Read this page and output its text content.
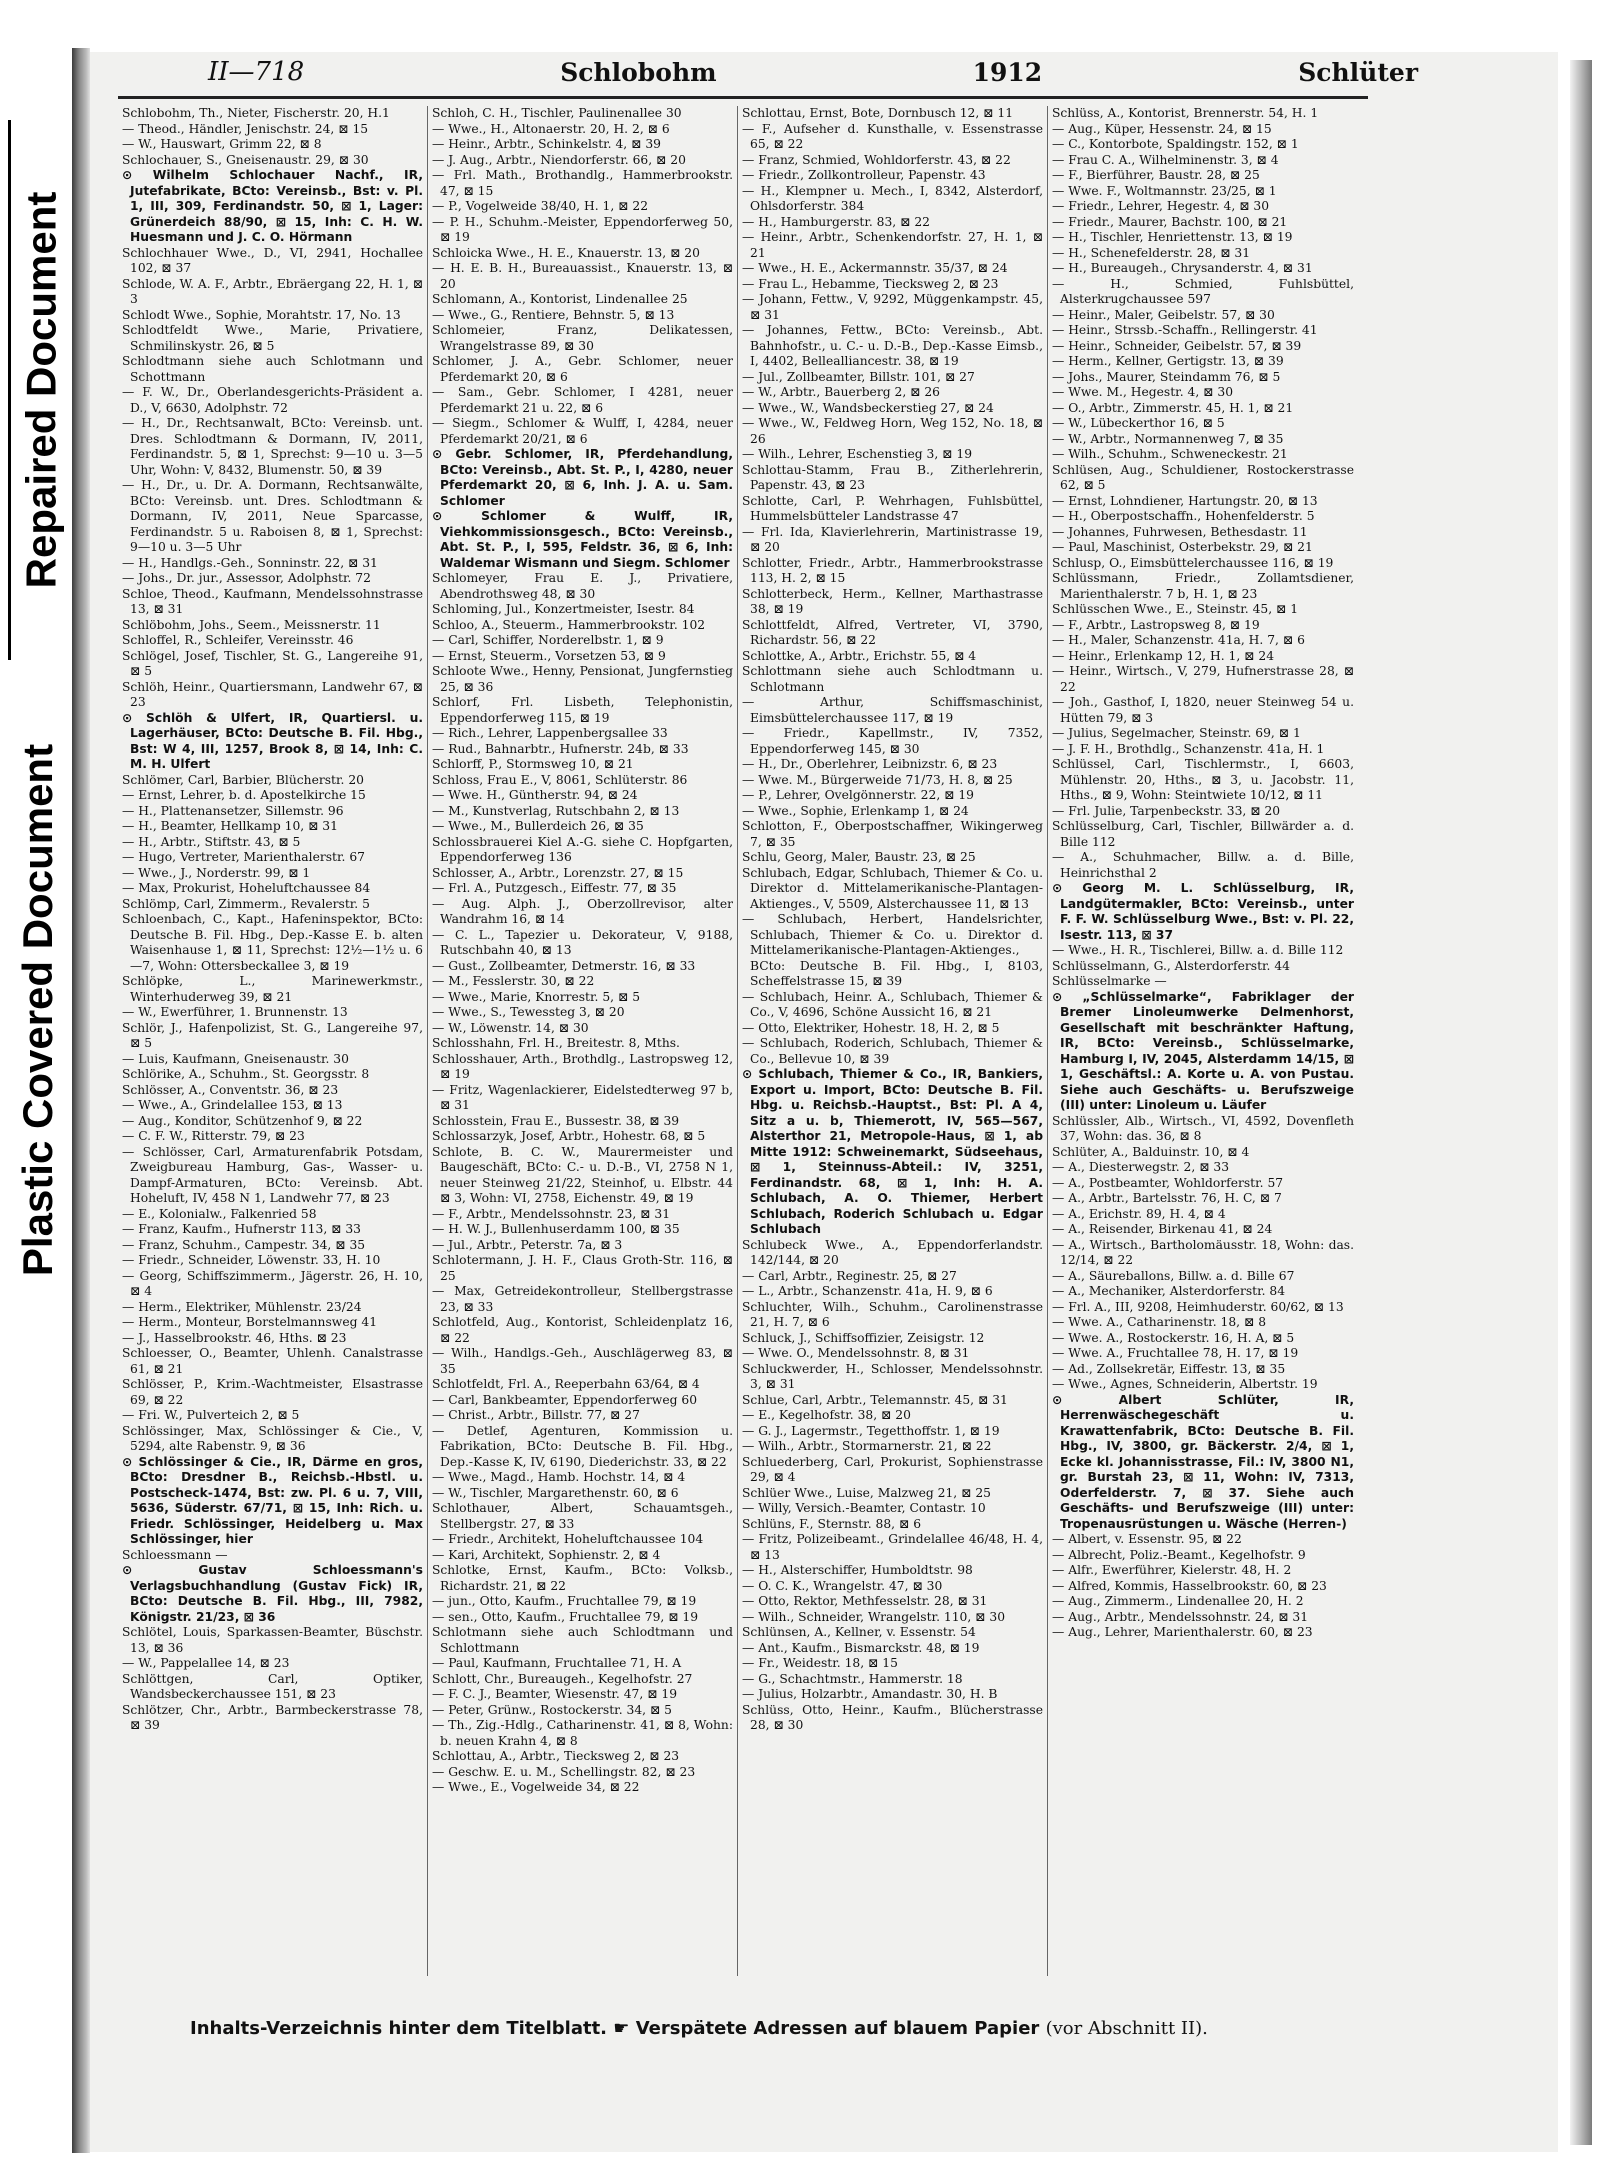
Repaired Document
Plastic Covered Document
II—718	Schlobohm	1912	Schlüter

Schlobohm, Th., Nieter, Fischerstr. 20, H.1

— Theod., Händler, Jenischstr. 24, ⊠ 15

— W., Hauswart, Grimm 22, ⊠ 8

Schlochauer, S., Gneisenaustr. 29, ⊠ 30

⊙ Wilhelm Schlochauer Nachf., IR, Jutefabrikate, BCto: Vereinsb., Bst: v. Pl. 1, III, 309, Ferdinandstr. 50, ⊠ 1, Lager: Grünerdeich 88/90, ⊠ 15, Inh: C. H. W. Huesmann und J. C. O. Hörmann

Schlochhauer Wwe., D., VI, 2941, Hochallee 102, ⊠ 37

Schlode, W. A. F., Arbtr., Ebräergang 22, H. 1, ⊠ 3

Schlodt Wwe., Sophie, Morahtstr. 17, No. 13

Schlodtfeldt Wwe., Marie, Privatiere, Schmilinskystr. 26, ⊠ 5

Schlodtmann siehe auch Schlotmann und Schottmann

— F. W., Dr., Oberlandesgerichts-Präsident a. D., V, 6630, Adolphstr. 72

— H., Dr., Rechtsanwalt, BCto: Vereinsb. unt. Dres. Schlodtmann & Dormann, IV, 2011, Ferdinandstr. 5, ⊠ 1, Sprechst: 9—10 u. 3—5 Uhr, Wohn: V, 8432, Blumenstr. 50, ⊠ 39

— H., Dr., u. Dr. A. Dormann, Rechtsanwälte, BCto: Vereinsb. unt. Dres. Schlodtmann & Dormann, IV, 2011, Neue Sparcasse, Ferdinandstr. 5 u. Raboisen 8, ⊠ 1, Sprechst: 9—10 u. 3—5 Uhr

— H., Handlgs.-Geh., Sonninstr. 22, ⊠ 31

— Johs., Dr. jur., Assessor, Adolphstr. 72

Schloe, Theod., Kaufmann, Mendelssohnstrasse 13, ⊠ 31

Schlöbohm, Johs., Seem., Meissnerstr. 11

Schloffel, R., Schleifer, Vereinsstr. 46

Schlögel, Josef, Tischler, St. G., Langereihe 91, ⊠ 5

Schlöh, Heinr., Quartiersmann, Landwehr 67, ⊠ 23

⊙ Schlöh & Ulfert, IR, Quartiersl. u. Lagerhäuser, BCto: Deutsche B. Fil. Hbg., Bst: W 4, III, 1257, Brook 8, ⊠ 14, Inh: C. M. H. Ulfert

Schlömer, Carl, Barbier, Blücherstr. 20

— Ernst, Lehrer, b. d. Apostelkirche 15

— H., Plattenansetzer, Sillemstr. 96

— H., Beamter, Hellkamp 10, ⊠ 31

— H., Arbtr., Stiftstr. 43, ⊠ 5

— Hugo, Vertreter, Marienthalerstr. 67

— Wwe., J., Norderstr. 99, ⊠ 1

— Max, Prokurist, Hoheluftchaussee 84

Schlömp, Carl, Zimmerm., Revalerstr. 5

Schloenbach, C., Kapt., Hafeninspektor, BCto: Deutsche B. Fil. Hbg., Dep.-Kasse E. b. alten Waisenhause 1, ⊠ 11, Sprechst: 12½—1½ u. 6—7, Wohn: Ottersbeckallee 3, ⊠ 19

Schlöpke, L., Marinewerkmstr., Winterhuderweg 39, ⊠ 21

— W., Ewerführer, 1. Brunnenstr. 13

Schlör, J., Hafenpolizist, St. G., Langereihe 97, ⊠ 5

— Luis, Kaufmann, Gneisenaustr. 30

Schlörike, A., Schuhm., St. Georgsstr. 8

Schlösser, A., Conventstr. 36, ⊠ 23

— Wwe., A., Grindelallee 153, ⊠ 13

— Aug., Konditor, Schützenhof 9, ⊠ 22

— C. F. W., Ritterstr. 79, ⊠ 23

— Schlösser, Carl, Armaturenfabrik Potsdam, Zweigbureau Hamburg, Gas-, Wasser- u. Dampf-Armaturen, BCto: Vereinsb. Abt. Hoheluft, IV, 458 N 1, Landwehr 77, ⊠ 23

— E., Kolonialw., Falkenried 58

— Franz, Kaufm., Hufnerstr 113, ⊠ 33

— Franz, Schuhm., Campestr. 34, ⊠ 35

— Friedr., Schneider, Löwenstr. 33, H. 10

— Georg, Schiffszimmerm., Jägerstr. 26, H. 10, ⊠ 4

— Herm., Elektriker, Mühlenstr. 23/24

— Herm., Monteur, Borstelmannsweg 41

— J., Hasselbrookstr. 46, Hths. ⊠ 23

Schloesser, O., Beamter, Uhlenh. Canalstrasse 61, ⊠ 21

Schlösser, P., Krim.-Wachtmeister, Elsastrasse 69, ⊠ 22

— Fri. W., Pulverteich 2, ⊠ 5

Schlössinger, Max, Schlössinger & Cie., V, 5294, alte Rabenstr. 9, ⊠ 36

⊙ Schlössinger & Cie., IR, Därme en gros, BCto: Dresdner B., Reichsb.-Hbstl. u. Postscheck-1474, Bst: zw. Pl. 6 u. 7, VIII, 5636, Süderstr. 67/71, ⊠ 15, Inh: Rich. u. Friedr. Schlössinger, Heidelberg u. Max Schlössinger, hier

Schloessmann —

⊙ Gustav Schloessmann's Verlagsbuchhandlung (Gustav Fick) IR, BCto: Deutsche B. Fil. Hbg., III, 7982, Königstr. 21/23, ⊠ 36

Schlötel, Louis, Sparkassen-Beamter, Büschstr. 13, ⊠ 36

— W., Pappelallee 14, ⊠ 23

Schlöttgen, Carl, Optiker, Wandsbeckerchaussee 151, ⊠ 23

Schlötzer, Chr., Arbtr., Barmbeckerstrasse 78, ⊠ 39

Schloh, C. H., Tischler, Paulinenallee 30

— Wwe., H., Altonaerstr. 20, H. 2, ⊠ 6

— Heinr., Arbtr., Schinkelstr. 4, ⊠ 39

— J. Aug., Arbtr., Niendorferstr. 66, ⊠ 20

— Frl. Math., Brothandlg., Hammerbrookstr. 47, ⊠ 15

— P., Vogelweide 38/40, H. 1, ⊠ 22

— P. H., Schuhm.-Meister, Eppendorferweg 50, ⊠ 19

Schloicka Wwe., H. E., Knauerstr. 13, ⊠ 20

— H. E. B. H., Bureauassist., Knauerstr. 13, ⊠ 20

Schlomann, A., Kontorist, Lindenallee 25

— Wwe., G., Rentiere, Behnstr. 5, ⊠ 13

Schlomeier, Franz, Delikatessen, Wrangelstrasse 89, ⊠ 30

Schlomer, J. A., Gebr. Schlomer, neuer Pferdemarkt 20, ⊠ 6

— Sam., Gebr. Schlomer, I 4281, neuer Pferdemarkt 21 u. 22, ⊠ 6

— Siegm., Schlomer & Wulff, I, 4284, neuer Pferdemarkt 20/21, ⊠ 6

⊙ Gebr. Schlomer, IR, Pferdehandlung, BCto: Vereinsb., Abt. St. P., I, 4280, neuer Pferdemarkt 20, ⊠ 6, Inh. J. A. u. Sam. Schlomer

⊙ Schlomer & Wulff, IR, Viehkommissionsgesch., BCto: Vereinsb., Abt. St. P., I, 595, Feldstr. 36, ⊠ 6, Inh: Waldemar Wismann und Siegm. Schlomer

Schlomeyer, Frau E. J., Privatiere, Abendrothsweg 48, ⊠ 30

Schloming, Jul., Konzertmeister, Isestr. 84

Schloo, A., Steuerm., Hammerbrookstr. 102

— Carl, Schiffer, Norderelbstr. 1, ⊠ 9

— Ernst, Steuerm., Vorsetzen 53, ⊠ 9

Schloote Wwe., Henny, Pensionat, Jungfernstieg 25, ⊠ 36

Schlorf, Frl. Lisbeth, Telephonistin, Eppendorferweg 115, ⊠ 19

— Rich., Lehrer, Lappenbergsallee 33

— Rud., Bahnarbtr., Hufnerstr. 24b, ⊠ 33

Schlorff, P., Stormsweg 10, ⊠ 21

Schloss, Frau E., V, 8061, Schlüterstr. 86

— Wwe. H., Güntherstr. 94, ⊠ 24

— M., Kunstverlag, Rutschbahn 2, ⊠ 13

— Wwe., M., Bullerdeich 26, ⊠ 35

Schlossbrauerei Kiel A.-G. siehe C. Hopfgarten, Eppendorferweg 136

Schlosser, A., Arbtr., Lorenzstr. 27, ⊠ 15

— Frl. A., Putzgesch., Eiffestr. 77, ⊠ 35

— Aug. Alph. J., Oberzollrevisor, alter Wandrahm 16, ⊠ 14

— C. L., Tapezier u. Dekorateur, V, 9188, Rutschbahn 40, ⊠ 13

— Gust., Zollbeamter, Detmerstr. 16, ⊠ 33

— M., Fesslerstr. 30, ⊠ 22

— Wwe., Marie, Knorrestr. 5, ⊠ 5

— Wwe., S., Tewessteg 3, ⊠ 20

— W., Löwenstr. 14, ⊠ 30

Schlosshahn, Frl. H., Breitestr. 8, Mths.

Schlosshauer, Arth., Brothdlg., Lastropsweg 12, ⊠ 19

— Fritz, Wagenlackierer, Eidelstedterweg 97 b, ⊠ 31

Schlosstein, Frau E., Bussestr. 38, ⊠ 39

Schlossarzyk, Josef, Arbtr., Hohestr. 68, ⊠ 5

Schlote, B. C. W., Maurermeister und Baugeschäft, BCto: C.- u. D.-B., VI, 2758 N 1, neuer Steinweg 21/22, Steinhof, u. Elbstr. 44 ⊠ 3, Wohn: VI, 2758, Eichenstr. 49, ⊠ 19

— F., Arbtr., Mendelssohnstr. 23, ⊠ 31

— H. W. J., Bullenhuserdamm 100, ⊠ 35

— Jul., Arbtr., Peterstr. 7a, ⊠ 3

Schlotermann, J. H. F., Claus Groth-Str. 116, ⊠ 25

— Max, Getreidekontrolleur, Stellbergstrasse 23, ⊠ 33

Schlotfeld, Aug., Kontorist, Schleidenplatz 16, ⊠ 22

— Wilh., Handlgs.-Geh., Auschlägerweg 83, ⊠ 35

Schlotfeldt, Frl. A., Reeperbahn 63/64, ⊠ 4

— Carl, Bankbeamter, Eppendorferweg 60

— Christ., Arbtr., Billstr. 77, ⊠ 27

— Detlef, Agenturen, Kommission u. Fabrikation, BCto: Deutsche B. Fil. Hbg., Dep.-Kasse K, IV, 6190, Diederichstr. 33, ⊠ 22

— Wwe., Magd., Hamb. Hochstr. 14, ⊠ 4

— W., Tischler, Margarethenstr. 60, ⊠ 6

Schlothauer, Albert, Schauamtsgeh., Stellbergstr. 27, ⊠ 33

— Friedr., Architekt, Hoheluftchaussee 104

— Kari, Architekt, Sophienstr. 2, ⊠ 4

Schlotke, Ernst, Kaufm., BCto: Volksb., Richardstr. 21, ⊠ 22

— jun., Otto, Kaufm., Fruchtallee 79, ⊠ 19

— sen., Otto, Kaufm., Fruchtallee 79, ⊠ 19

Schlotmann siehe auch Schlodtmann und Schlottmann

— Paul, Kaufmann, Fruchtallee 71, H. A

Schlott, Chr., Bureaugeh., Kegelhofstr. 27

— F. C. J., Beamter, Wiesenstr. 47, ⊠ 19

— Peter, Grünw., Rostockerstr. 34, ⊠ 5

— Th., Zig.-Hdlg., Catharinenstr. 41, ⊠ 8, Wohn: b. neuen Krahn 4, ⊠ 8

Schlottau, A., Arbtr., Tiecksweg 2, ⊠ 23

— Geschw. E. u. M., Schellingstr. 82, ⊠ 23

— Wwe., E., Vogelweide 34, ⊠ 22

Schlottau, Ernst, Bote, Dornbusch 12, ⊠ 11

— F., Aufseher d. Kunsthalle, v. Essenstrasse 65, ⊠ 22

— Franz, Schmied, Wohldorferstr. 43, ⊠ 22

— Friedr., Zollkontrolleur, Papenstr. 43

— H., Klempner u. Mech., I, 8342, Alsterdorf, Ohlsdorferstr. 384

— H., Hamburgerstr. 83, ⊠ 22

— Heinr., Arbtr., Schenkendorfstr. 27, H. 1, ⊠ 21

— Wwe., H. E., Ackermannstr. 35/37, ⊠ 24

— Frau L., Hebamme, Tiecksweg 2, ⊠ 23

— Johann, Fettw., V, 9292, Müggenkampstr. 45, ⊠ 31

— Johannes, Fettw., BCto: Vereinsb., Abt. Bahnhofstr., u. C.- u. D.-B., Dep.-Kasse Eimsb., I, 4402, Bellealliancestr. 38, ⊠ 19

— Jul., Zollbeamter, Billstr. 101, ⊠ 27

— W., Arbtr., Bauerberg 2, ⊠ 26

— Wwe., W., Wandsbeckerstieg 27, ⊠ 24

— Wwe., W., Feldweg Horn, Weg 152, No. 18, ⊠ 26

— Wilh., Lehrer, Eschenstieg 3, ⊠ 19

Schlottau-Stamm, Frau B., Zitherlehrerin, Papenstr. 43, ⊠ 23

Schlotte, Carl, P. Wehrhagen, Fuhlsbüttel, Hummelsbütteler Landstrasse 47

— Frl. Ida, Klavierlehrerin, Martinistrasse 19, ⊠ 20

Schlotter, Friedr., Arbtr., Hammerbrookstrasse 113, H. 2, ⊠ 15

Schlotterbeck, Herm., Kellner, Marthastrasse 38, ⊠ 19

Schlottfeldt, Alfred, Vertreter, VI, 3790, Richardstr. 56, ⊠ 22

Schlottke, A., Arbtr., Erichstr. 55, ⊠ 4

Schlottmann siehe auch Schlodtmann u. Schlotmann

— Arthur, Schiffsmaschinist, Eimsbüttelerchaussee 117, ⊠ 19

— Friedr., Kapellmstr., IV, 7352, Eppendorferweg 145, ⊠ 30

— H., Dr., Oberlehrer, Leibnizstr. 6, ⊠ 23

— Wwe. M., Bürgerweide 71/73, H. 8, ⊠ 25

— P., Lehrer, Ovelgönnerstr. 22, ⊠ 19

— Wwe., Sophie, Erlenkamp 1, ⊠ 24

Schlotton, F., Oberpostschaffner, Wikingerweg 7, ⊠ 35

Schlu, Georg, Maler, Baustr. 23, ⊠ 25

Schlubach, Edgar, Schlubach, Thiemer & Co. u. Direktor d. Mittelamerikanische-Plantagen-Aktienges., V, 5509, Alsterchaussee 11, ⊠ 13

— Schlubach, Herbert, Handelsrichter, Schlubach, Thiemer & Co. u. Direktor d. Mittelamerikanische-Plantagen-Aktienges., BCto: Deutsche B. Fil. Hbg., I, 8103, Scheffelstrasse 15, ⊠ 39

— Schlubach, Heinr. A., Schlubach, Thiemer & Co., V, 4696, Schöne Aussicht 16, ⊠ 21

— Otto, Elektriker, Hohestr. 18, H. 2, ⊠ 5

— Schlubach, Roderich, Schlubach, Thiemer & Co., Bellevue 10, ⊠ 39

⊙ Schlubach, Thiemer & Co., IR, Bankiers, Export u. Import, BCto: Deutsche B. Fil. Hbg. u. Reichsb.-Hauptst., Bst: Pl. A 4, Sitz a u. b, Thiemerott, IV, 565—567, Alsterthor 21, Metropole-Haus, ⊠ 1, ab Mitte 1912: Schweinemarkt, Südseehaus, ⊠ 1, Steinnuss-Abteil.: IV, 3251, Ferdinandstr. 68, ⊠ 1, Inh: H. A. Schlubach, A. O. Thiemer, Herbert Schlubach, Roderich Schlubach u. Edgar Schlubach

Schlubeck Wwe., A., Eppendorferlandstr. 142/144, ⊠ 20

— Carl, Arbtr., Reginestr. 25, ⊠ 27

— L., Arbtr., Schanzenstr. 41a, H. 9, ⊠ 6

Schluchter, Wilh., Schuhm., Carolinenstrasse 21, H. 7, ⊠ 6

Schluck, J., Schiffsoffizier, Zeisigstr. 12

— Wwe. O., Mendelssohnstr. 8, ⊠ 31

Schluckwerder, H., Schlosser, Mendelssohnstr. 3, ⊠ 31

Schlue, Carl, Arbtr., Telemannstr. 45, ⊠ 31

— E., Kegelhofstr. 38, ⊠ 20

— G. J., Lagermstr., Tegetthoffstr. 1, ⊠ 19

— Wilh., Arbtr., Stormarnerstr. 21, ⊠ 22

Schluederberg, Carl, Prokurist, Sophienstrasse 29, ⊠ 4

Schlüer Wwe., Luise, Malzweg 21, ⊠ 25

— Willy, Versich.-Beamter, Contastr. 10

Schlüns, F., Sternstr. 88, ⊠ 6

— Fritz, Polizeibeamt., Grindelallee 46/48, H. 4, ⊠ 13

— H., Alsterschiffer, Humboldtstr. 98

— O. C. K., Wrangelstr. 47, ⊠ 30

— Otto, Rektor, Methfesselstr. 28, ⊠ 31

— Wilh., Schneider, Wrangelstr. 110, ⊠ 30

Schlünsen, A., Kellner, v. Essenstr. 54

— Ant., Kaufm., Bismarckstr. 48, ⊠ 19

— Fr., Weidestr. 18, ⊠ 15

— G., Schachtmstr., Hammerstr. 18

— Julius, Holzarbtr., Amandastr. 30, H. B

Schlüss, Otto, Heinr., Kaufm., Blücherstrasse 28, ⊠ 30

Schlüss, A., Kontorist, Brennerstr. 54, H. 1

— Aug., Küper, Hessenstr. 24, ⊠ 15

— C., Kontorbote, Spaldingstr. 152, ⊠ 1

— Frau C. A., Wilhelminenstr. 3, ⊠ 4

— F., Bierführer, Baustr. 28, ⊠ 25

— Wwe. F., Woltmannstr. 23/25, ⊠ 1

— Friedr., Lehrer, Hegestr. 4, ⊠ 30

— Friedr., Maurer, Bachstr. 100, ⊠ 21

— H., Tischler, Henriettenstr. 13, ⊠ 19

— H., Schenefelderstr. 28, ⊠ 31

— H., Bureaugeh., Chrysanderstr. 4, ⊠ 31

— H., Schmied, Fuhlsbüttel, Alsterkrugchaussee 597

— Heinr., Maler, Geibelstr. 57, ⊠ 30

— Heinr., Strssb.-Schaffn., Rellingerstr. 41

— Heinr., Schneider, Geibelstr. 57, ⊠ 39

— Herm., Kellner, Gertigstr. 13, ⊠ 39

— Johs., Maurer, Steindamm 76, ⊠ 5

— Wwe. M., Hegestr. 4, ⊠ 30

— O., Arbtr., Zimmerstr. 45, H. 1, ⊠ 21

— W., Lübeckerthor 16, ⊠ 5

— W., Arbtr., Normannenweg 7, ⊠ 35

— Wilh., Schuhm., Schweneckestr. 21

Schlüsen, Aug., Schuldiener, Rostockerstrasse 62, ⊠ 5

— Ernst, Lohndiener, Hartungstr. 20, ⊠ 13

— H., Oberpostschaffn., Hohenfelderstr. 5

— Johannes, Fuhrwesen, Bethesdastr. 11

— Paul, Maschinist, Osterbekstr. 29, ⊠ 21

Schlusp, O., Eimsbüttelerchaussee 116, ⊠ 19

Schlüssmann, Friedr., Zollamtsdiener, Marienthalerstr. 7 b, H. 1, ⊠ 23

Schlüsschen Wwe., E., Steinstr. 45, ⊠ 1

— F., Arbtr., Lastropsweg 8, ⊠ 19

— H., Maler, Schanzenstr. 41a, H. 7, ⊠ 6

— Heinr., Erlenkamp 12, H. 1, ⊠ 24

— Heinr., Wirtsch., V, 279, Hufnerstrasse 28, ⊠ 22

— Joh., Gasthof, I, 1820, neuer Steinweg 54 u. Hütten 79, ⊠ 3

— Julius, Segelmacher, Steinstr. 69, ⊠ 1

— J. F. H., Brothdlg., Schanzenstr. 41a, H. 1

Schlüssel, Carl, Tischlermstr., I, 6603, Mühlenstr. 20, Hths., ⊠ 3, u. Jacobstr. 11, Hths., ⊠ 9, Wohn: Steintwiete 10/12, ⊠ 11

— Frl. Julie, Tarpenbeckstr. 33, ⊠ 20

Schlüsselburg, Carl, Tischler, Billwärder a. d. Bille 112

— A., Schuhmacher, Billw. a. d. Bille, Heinrichsthal 2

⊙ Georg M. L. Schlüsselburg, IR, Landgütermakler, BCto: Vereinsb., unter F. F. W. Schlüsselburg Wwe., Bst: v. Pl. 22, Isestr. 113, ⊠ 37

— Wwe., H. R., Tischlerei, Billw. a. d. Bille 112

Schlüsselmann, G., Alsterdorferstr. 44

Schlüsselmarke —

⊙ „Schlüsselmarke“, Fabriklager der Bremer Linoleumwerke Delmenhorst, Gesellschaft mit beschränkter Haftung, IR, BCto: Vereinsb., Schlüsselmarke, Hamburg I, IV, 2045, Alsterdamm 14/15, ⊠ 1, Geschäftsl.: A. Korte u. A. von Pustau. Siehe auch Geschäfts- u. Berufszweige (III) unter: Linoleum u. Läufer

Schlüssler, Alb., Wirtsch., VI, 4592, Dovenfleth 37, Wohn: das. 36, ⊠ 8

Schlüter, A., Balduinstr. 10, ⊠ 4

— A., Diesterwegstr. 2, ⊠ 33

— A., Postbeamter, Wohldorferstr. 57

— A., Arbtr., Bartelsstr. 76, H. C, ⊠ 7

— A., Erichstr. 89, H. 4, ⊠ 4

— A., Reisender, Birkenau 41, ⊠ 24

— A., Wirtsch., Bartholomäusstr. 18, Wohn: das. 12/14, ⊠ 22

— A., Säureballons, Billw. a. d. Bille 67

— A., Mechaniker, Alsterdorferstr. 84

— Frl. A., III, 9208, Heimhuderstr. 60/62, ⊠ 13

— Wwe. A., Catharinenstr. 18, ⊠ 8

— Wwe. A., Rostockerstr. 16, H. A, ⊠ 5

— Wwe. A., Fruchtallee 78, H. 17, ⊠ 19

— Ad., Zollsekretär, Eiffestr. 13, ⊠ 35

— Wwe., Agnes, Schneiderin, Albertstr. 19

⊙ Albert Schlüter, IR, Herrenwäschegeschäft u. Krawattenfabrik, BCto: Deutsche B. Fil. Hbg., IV, 3800, gr. Bäckerstr. 2/4, ⊠ 1, Ecke kl. Johannisstrasse, Fil.: IV, 3800 N1, gr. Burstah 23, ⊠ 11, Wohn: IV, 7313, Oderfelderstr. 7, ⊠ 37. Siehe auch Geschäfts- und Berufszweige (III) unter: Tropenausrüstungen u. Wäsche (Herren-)

— Albert, v. Essenstr. 95, ⊠ 22

— Albrecht, Poliz.-Beamt., Kegelhofstr. 9

— Alfr., Ewerführer, Kielerstr. 48, H. 2

— Alfred, Kommis, Hasselbrookstr. 60, ⊠ 23

— Aug., Zimmerm., Lindenallee 20, H. 2

— Aug., Arbtr., Mendelssohnstr. 24, ⊠ 31

— Aug., Lehrer, Marienthalerstr. 60, ⊠ 23

Inhalts-Verzeichnis hinter dem Titelblatt. ☛ Verspätete Adressen auf blauem Papier (vor Abschnitt II).
